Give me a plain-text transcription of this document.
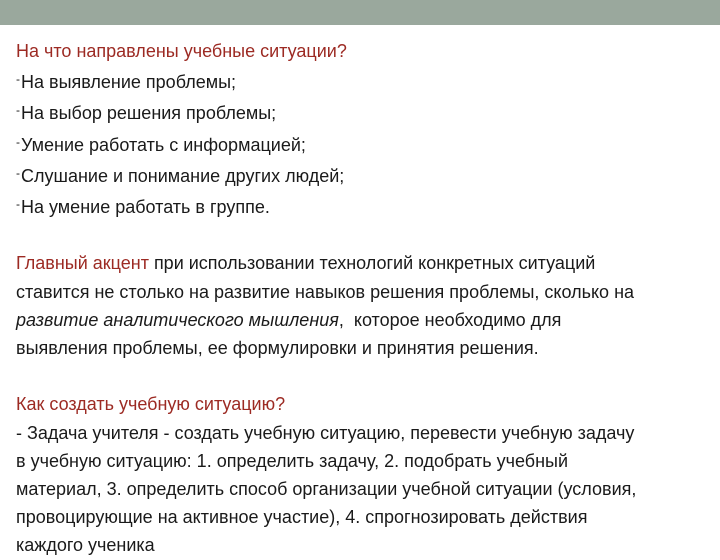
На что направлены учебные ситуации?
-На выявление проблемы;
-На выбор решения проблемы;
-Умение работать с информацией;
-Слушание и понимание других людей;
-На умение работать в группе.
Главный акцент при использовании технологий конкретных ситуаций
ставится не столько на развитие навыков решения проблемы, сколько на
развитие аналитического мышления,  которое необходимо для
выявления проблемы, ее формулировки и принятия решения.
Как создать учебную ситуацию?
- Задача учителя - создать учебную ситуацию, перевести учебную задачу
в учебную ситуацию: 1. определить задачу, 2. подобрать учебный
материал, 3. определить способ организации учебной ситуации (условия,
провоцирующие на активное участие), 4. спрогнозировать действия
каждого ученика
